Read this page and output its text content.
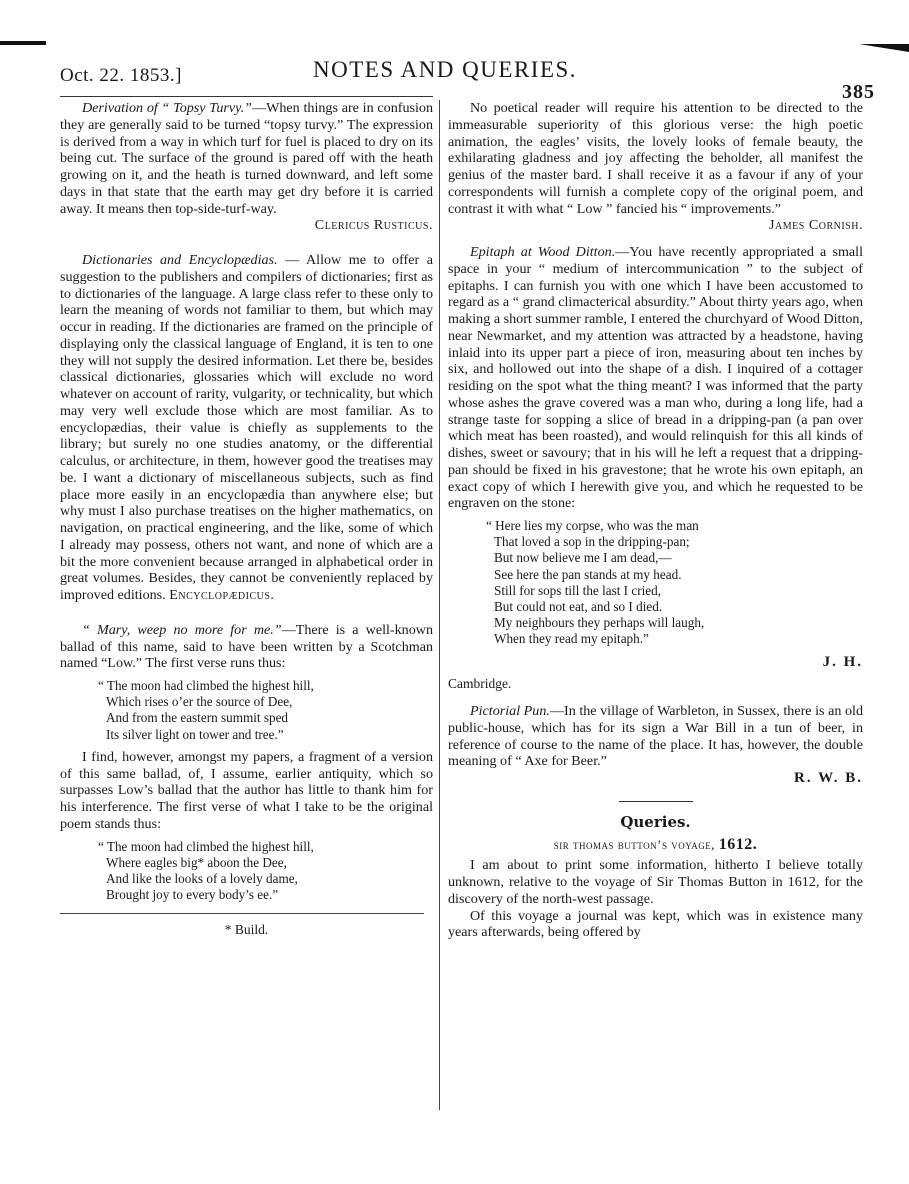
Oct. 22. 1853.]	NOTES AND QUERIES.
385

Derivation of “ Topsy Turvy.”—When things are in confusion they are generally said to be turned “topsy turvy.” The expression is derived from a way in which turf for fuel is placed to dry on its being cut. The surface of the ground is pared off with the heath growing on it, and the heath is turned downward, and left some days in that state that the earth may get dry before it is carried away. It means then top-side-turf-way.

Clericus Rusticus.

Dictionaries and Encyclopædias. — Allow me to offer a suggestion to the publishers and compilers of dictionaries; first as to dictionaries of the language. A large class refer to these only to learn the meaning of words not familiar to them, but which may occur in reading. If the dictionaries are framed on the principle of displaying only the classical language of England, it is ten to one they will not supply the desired information. Let there be, besides classical dictionaries, glossaries which will exclude no word whatever on account of rarity, vulgarity, or technicality, but which may very well exclude those which are most familiar. As to encyclopædias, their value is chiefly as supplements to the library; but surely no one studies anatomy, or the differential calculus, or architecture, in them, however good the treatises may be. I want a dictionary of miscellaneous subjects, such as find place more easily in an encyclopædia than anywhere else; but why must I also purchase treatises on the higher mathematics, on navigation, on practical engineering, and the like, some of which I already may possess, others not want, and none of which are a bit the more convenient because arranged in alphabetical order in great volumes. Besides, they cannot be conveniently replaced by improved editions. Encyclopædicus.

“ Mary, weep no more for me.”—There is a well-known ballad of this name, said to have been written by a Scotchman named “Low.” The first verse runs thus:

“ The moon had climbed the highest hill,
Which rises o’er the source of Dee,
And from the eastern summit sped
Its silver light on tower and tree.”

I find, however, amongst my papers, a fragment of a version of this same ballad, of, I assume, earlier antiquity, which so surpasses Low’s ballad that the author has little to thank him for his interference. The first verse of what I take to be the original poem stands thus:

“ The moon had climbed the highest hill,
Where eagles big* aboon the Dee,
And like the looks of a lovely dame,
Brought joy to every body’s ee.”
* Build.

No poetical reader will require his attention to be directed to the immeasurable superiority of this glorious verse: the high poetic animation, the eagles’ visits, the lovely looks of female beauty, the exhilarating gladness and joy affecting the beholder, all manifest the genius of the master bard. I shall receive it as a favour if any of your correspondents will furnish a complete copy of the original poem, and contrast it with what “ Low ” fancied his “ improvements.”

James Cornish.

Epitaph at Wood Ditton.—You have recently appropriated a small space in your “ medium of intercommunication ” to the subject of epitaphs. I can furnish you with one which I have been accustomed to regard as a “ grand climacterical absurdity.” About thirty years ago, when making a short summer ramble, I entered the churchyard of Wood Ditton, near Newmarket, and my attention was attracted by a headstone, having inlaid into its upper part a piece of iron, measuring about ten inches by six, and hollowed out into the shape of a dish. I inquired of a cottager residing on the spot what the thing meant? I was informed that the party whose ashes the grave covered was a man who, during a long life, had a strange taste for sopping a slice of bread in a dripping-pan (a pan over which meat has been roasted), and would relinquish for this all kinds of dishes, sweet or savoury; that in his will he left a request that a dripping-pan should be fixed in his gravestone; that he wrote his own epitaph, an exact copy of which I herewith give you, and which he requested to be engraven on the stone:

“ Here lies my corpse, who was the man
That loved a sop in the dripping-pan;
But now believe me I am dead,—
See here the pan stands at my head.
Still for sops till the last I cried,
But could not eat, and so I died.
My neighbours they perhaps will laugh,
When they read my epitaph.”
J. H.

Cambridge.

Pictorial Pun.—In the village of Warbleton, in Sussex, there is an old public-house, which has for its sign a War Bill in a tun of beer, in reference of course to the name of the place. It has, however, the double meaning of “ Axe for Beer.”

R. W. B.
Queries.
sir thomas button’s voyage, 1612.

I am about to print some information, hitherto I believe totally unknown, relative to the voyage of Sir Thomas Button in 1612, for the discovery of the north-west passage.

Of this voyage a journal was kept, which was in existence many years afterwards, being offered by
